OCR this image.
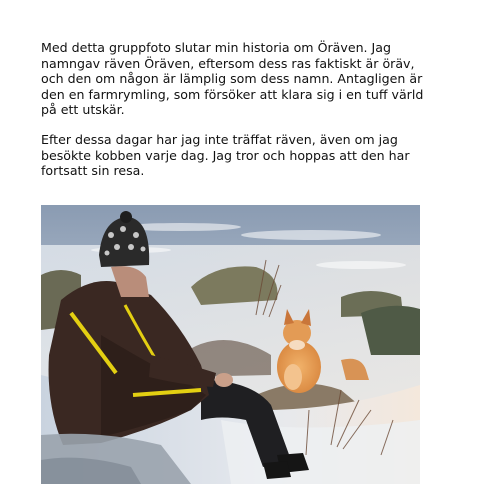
Med detta gruppfoto slutar min historia om Öräven. Jag namngav räven Öräven, eftersom dess ras faktiskt är öräv, och den om någon är lämplig som dess namn. Antagligen är den en farmrymling, som försöker att klara sig i en tuff värld på ett utskär.

Efter dessa dagar har jag inte träffat räven, även om jag besökte kobben varje dag. Jag tror och hoppas att den har fortsatt sin resa.
